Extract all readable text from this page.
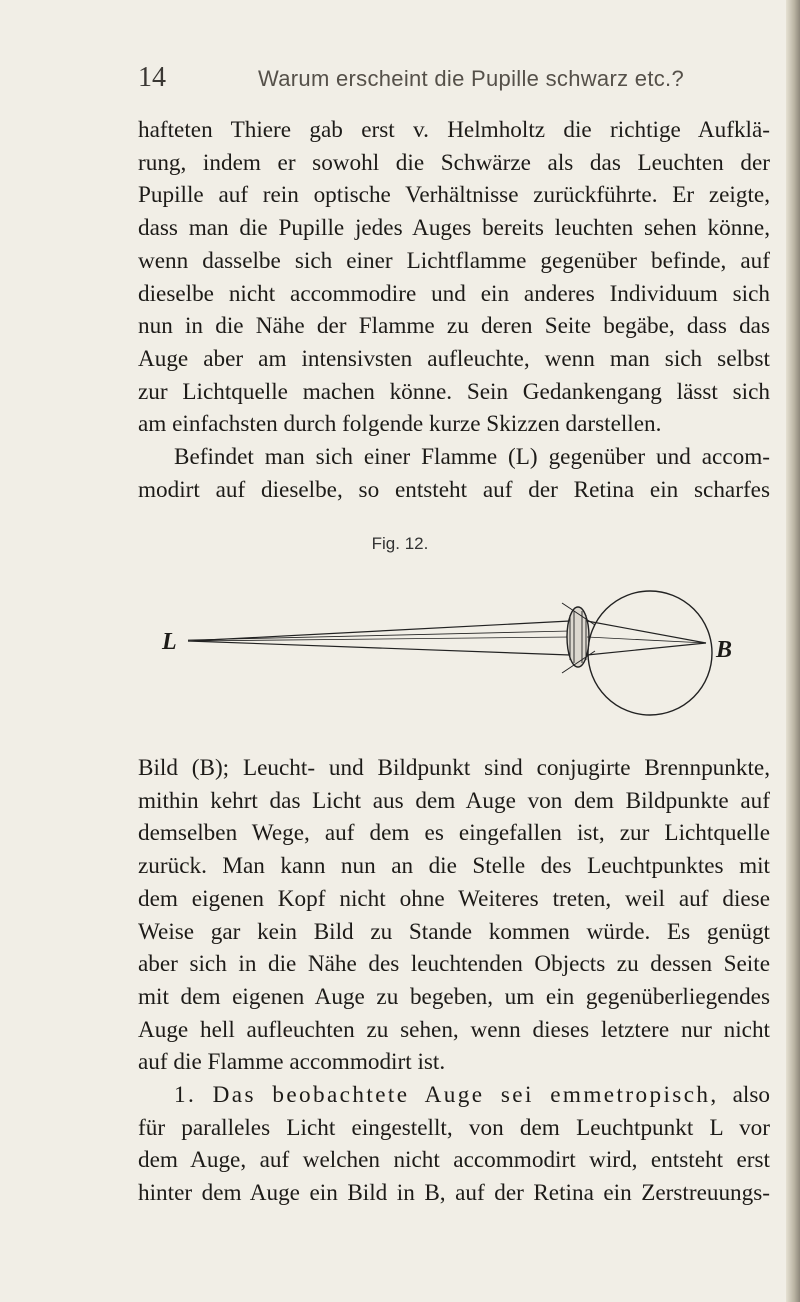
14	Warum erscheint die Pupille schwarz etc.?
hafteten Thiere gab erst v. Helmholtz die richtige Aufklä-
rung, indem er sowohl die Schwärze als das Leuchten der
Pupille auf rein optische Verhältnisse zurückführte. Er zeigte,
dass man die Pupille jedes Auges bereits leuchten sehen könne,
wenn dasselbe sich einer Lichtflamme gegenüber befinde, auf
dieselbe nicht accommodire und ein anderes Individuum sich
nun in die Nähe der Flamme zu deren Seite begäbe, dass das
Auge aber am intensivsten aufleuchte, wenn man sich selbst
zur Lichtquelle machen könne. Sein Gedankengang lässt sich
am einfachsten durch folgende kurze Skizzen darstellen.
Befindet man sich einer Flamme (L) gegenüber und accom-
modirt auf dieselbe, so entsteht auf der Retina ein scharfes
Fig. 12.
L	B
Bild (B); Leucht- und Bildpunkt sind conjugirte Brennpunkte,
mithin kehrt das Licht aus dem Auge von dem Bildpunkte auf
demselben Wege, auf dem es eingefallen ist, zur Lichtquelle
zurück. Man kann nun an die Stelle des Leuchtpunktes mit
dem eigenen Kopf nicht ohne Weiteres treten, weil auf diese
Weise gar kein Bild zu Stande kommen würde. Es genügt
aber sich in die Nähe des leuchtenden Objects zu dessen Seite
mit dem eigenen Auge zu begeben, um ein gegenüberliegendes
Auge hell aufleuchten zu sehen, wenn dieses letztere nur nicht
auf die Flamme accommodirt ist.
1. Das beobachtete Auge sei emmetropisch, also
für paralleles Licht eingestellt, von dem Leuchtpunkt L vor
dem Auge, auf welchen nicht accommodirt wird, entsteht erst
hinter dem Auge ein Bild in B, auf der Retina ein Zerstreuungs-
